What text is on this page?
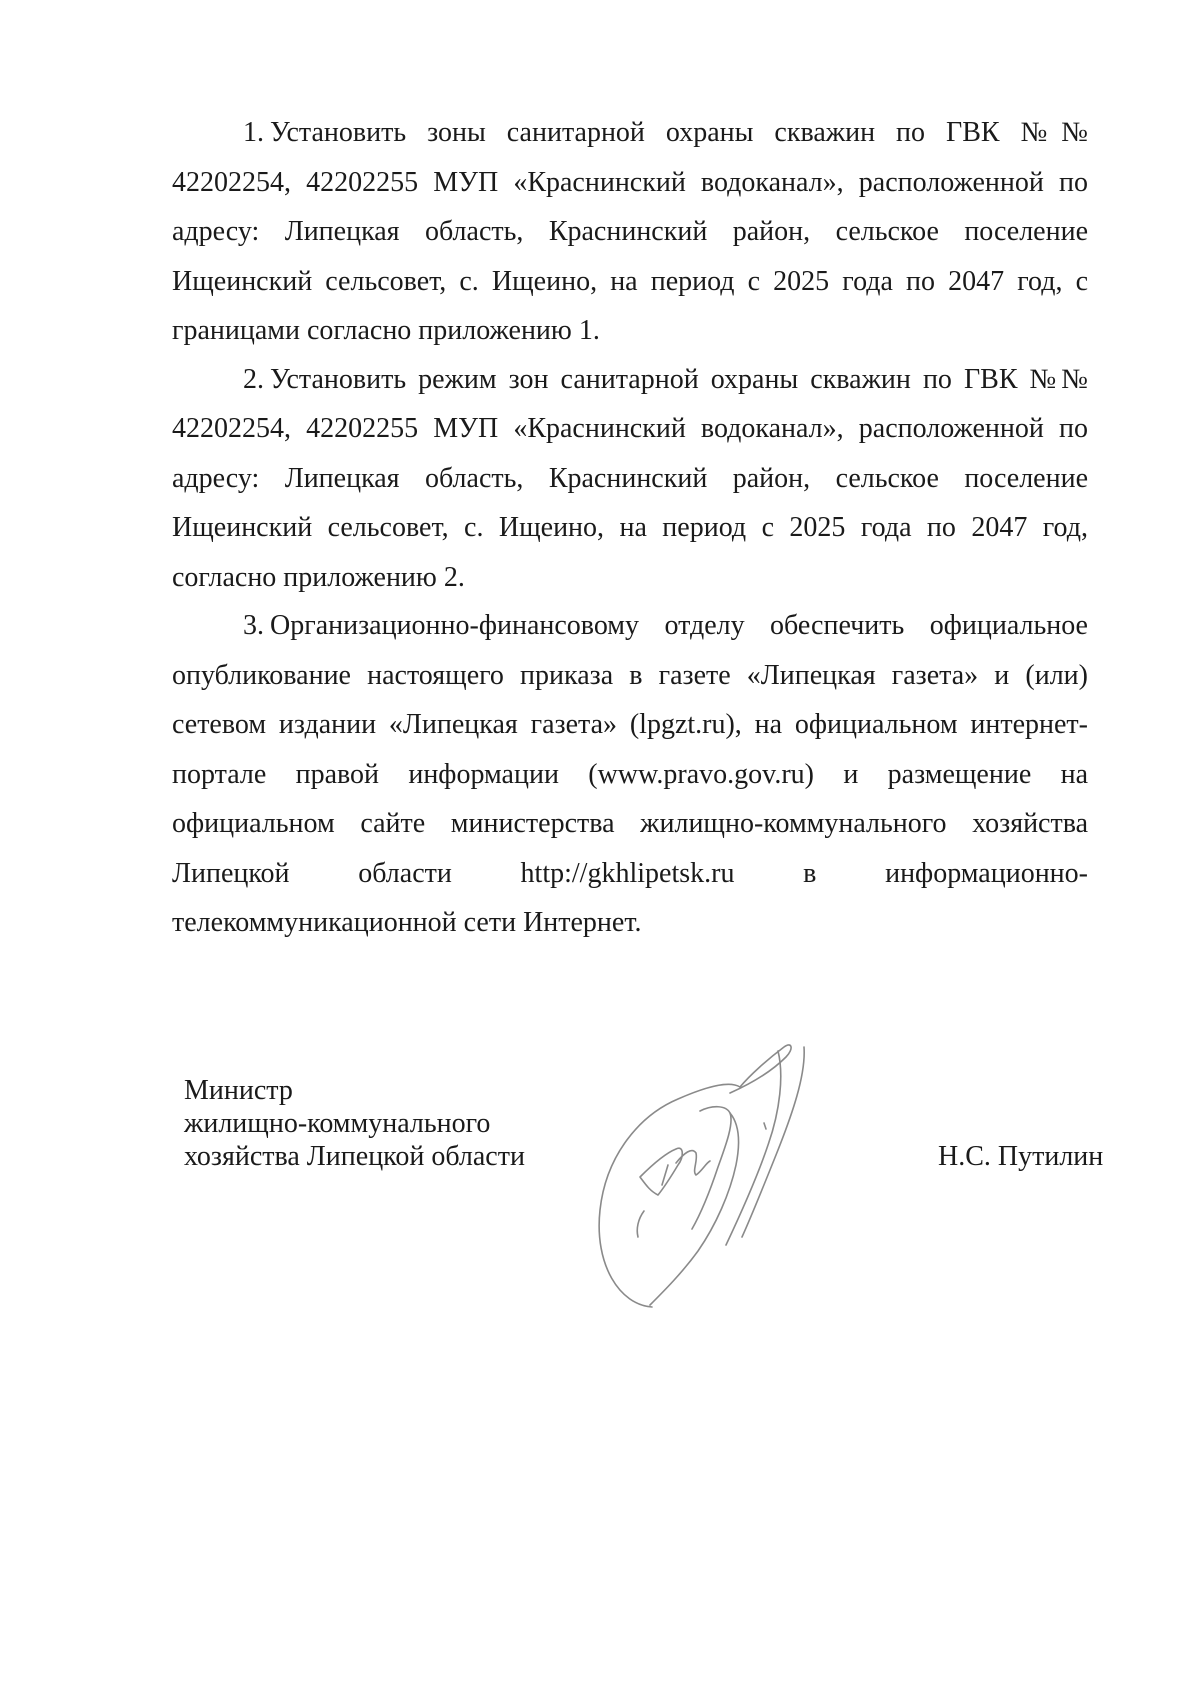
1. Установить зоны санитарной охраны скважин по ГВК №№ 42202254, 42202255 МУП «Краснинский водоканал», расположенной по адресу: Липецкая область, Краснинский район, сельское поселение Ищеинский сельсовет, с. Ищеино, на период с 2025 года по 2047 год, с границами согласно приложению 1.

2. Установить режим зон санитарной охраны скважин по ГВК №№ 42202254, 42202255 МУП «Краснинский водоканал», расположенной по адресу: Липецкая область, Краснинский район, сельское поселение Ищеинский сельсовет, с. Ищеино, на период с 2025 года по 2047 год, согласно приложению 2.

3. Организационно-финансовому отделу обеспечить официальное опубликование настоящего приказа в газете «Липецкая газета» и (или) сетевом издании «Липецкая газета» (lpgzt.ru), на официальном интернет-портале правой информации (www.pravo.gov.ru) и размещение на официальном сайте министерства жилищно-коммунального хозяйства Липецкой области http://gkhlipetsk.ru в информационно-телекоммуникационной сети Интернет.

Министр
жилищно-коммунального
хозяйства Липецкой области	Н.С. Путилин
